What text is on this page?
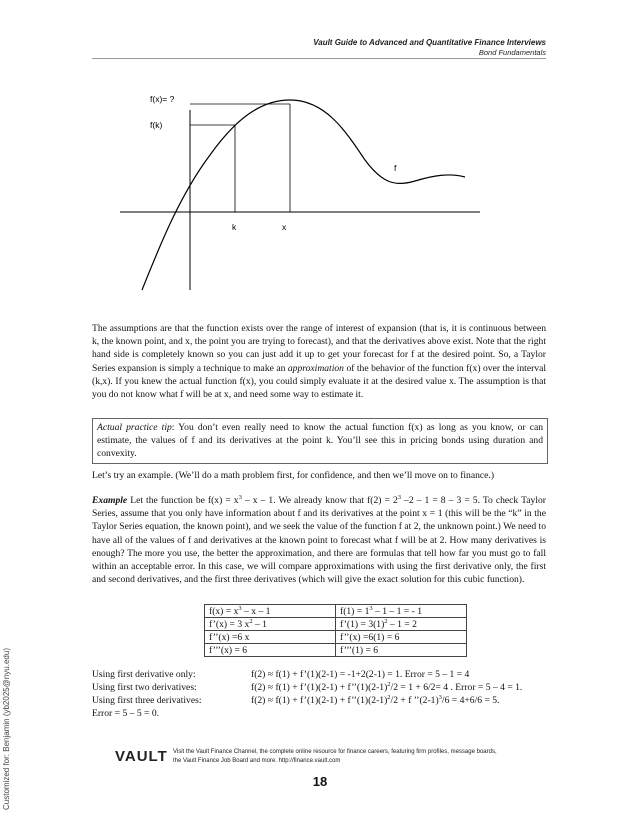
Vault Guide to Advanced and Quantitative Finance Interviews
Bond Fundamentals
f(x)= ?
f(k)
f
k	x
The assumptions are that the function exists over the range of interest of expansion (that is, it is continuous between k, the known point, and x, the point you are trying to forecast), and that the derivatives above exist. Note that the right hand side is completely known so you can just add it up to get your forecast for f at the desired point. So, a Taylor Series expansion is simply a technique to make an approximation of the behavior of the function f(x) over the interval (k,x). If you knew the actual function f(x), you could simply evaluate it at the desired value x. The assumption is that you do not know what f will be at x, and need some way to estimate it.
Actual practice tip: You don’t even really need to know the actual function f(x) as long as you know, or can estimate, the values of f and its derivatives at the point k. You’ll see this in pricing bonds using duration and convexity.
Let’s try an example. (We’ll do a math problem first, for confidence, and then we’ll move on to finance.)
Example Let the function be $f(x) = x^3 - x - 1$. We already know that $f(2) = 2^3$ –2 – 1 = 8 – 3 = 5. To check Taylor Series, assume that you only have information about f and its derivatives at the point x = 1 (this will be the “k” in the Taylor Series equation, the known point), and we seek the value of the function f at 2, the unknown point.) We need to have all of the values of f and derivatives at the known point to forecast what f will be at 2. How many derivatives is enough? The more you use, the better the approximation, and there are formulas that tell how far you must go to fall within an acceptable error. In this case, we will compare approximations with using the first derivative only, the first and second derivatives, and the first three derivatives (which will give the exact solution for this cubic function).
$f(x) = x^3 - x - 1$	$f(1) = 1^3 - 1 - 1$ = - 1
f’(x) = 3 $x^2 - 1$	f’(1) = $3(1)^2 - 1 = 2$
f’’(x) =6 x	f’’(x) =6(1) = 6
f’’’(x) = 6	f’’’(1) = 6
Using first derivative only:	f(2) ≈ f(1) + f’(1)(2-1) = -1+2(2-1) = 1. Error = 5 – 1 = 4
Using first two derivatives:	f(2) ≈ f(1) + f’(1)(2-1) + $f’’(1)(2-1)^2/2 = 1 + 6/2= 4$ . Error = 5 – 4 = 1.
Using first three derivatives:	f(2) ≈ f(1) + f’(1)(2-1) + $f’’(1)(2-1)^2/2 + f$ $’’(2-1)^3/6 = 4+6/6 = 5$.
Error = 5 – 5 = 0.
Customized for: Benjamin (yb2025@nyu.edu)	VAULT Visit the Vault Finance Channel, the complete online resource for finance careers, featuring firm profiles, message boards, the Vault Finance Job Board and more. http://finance.vault.com
18
